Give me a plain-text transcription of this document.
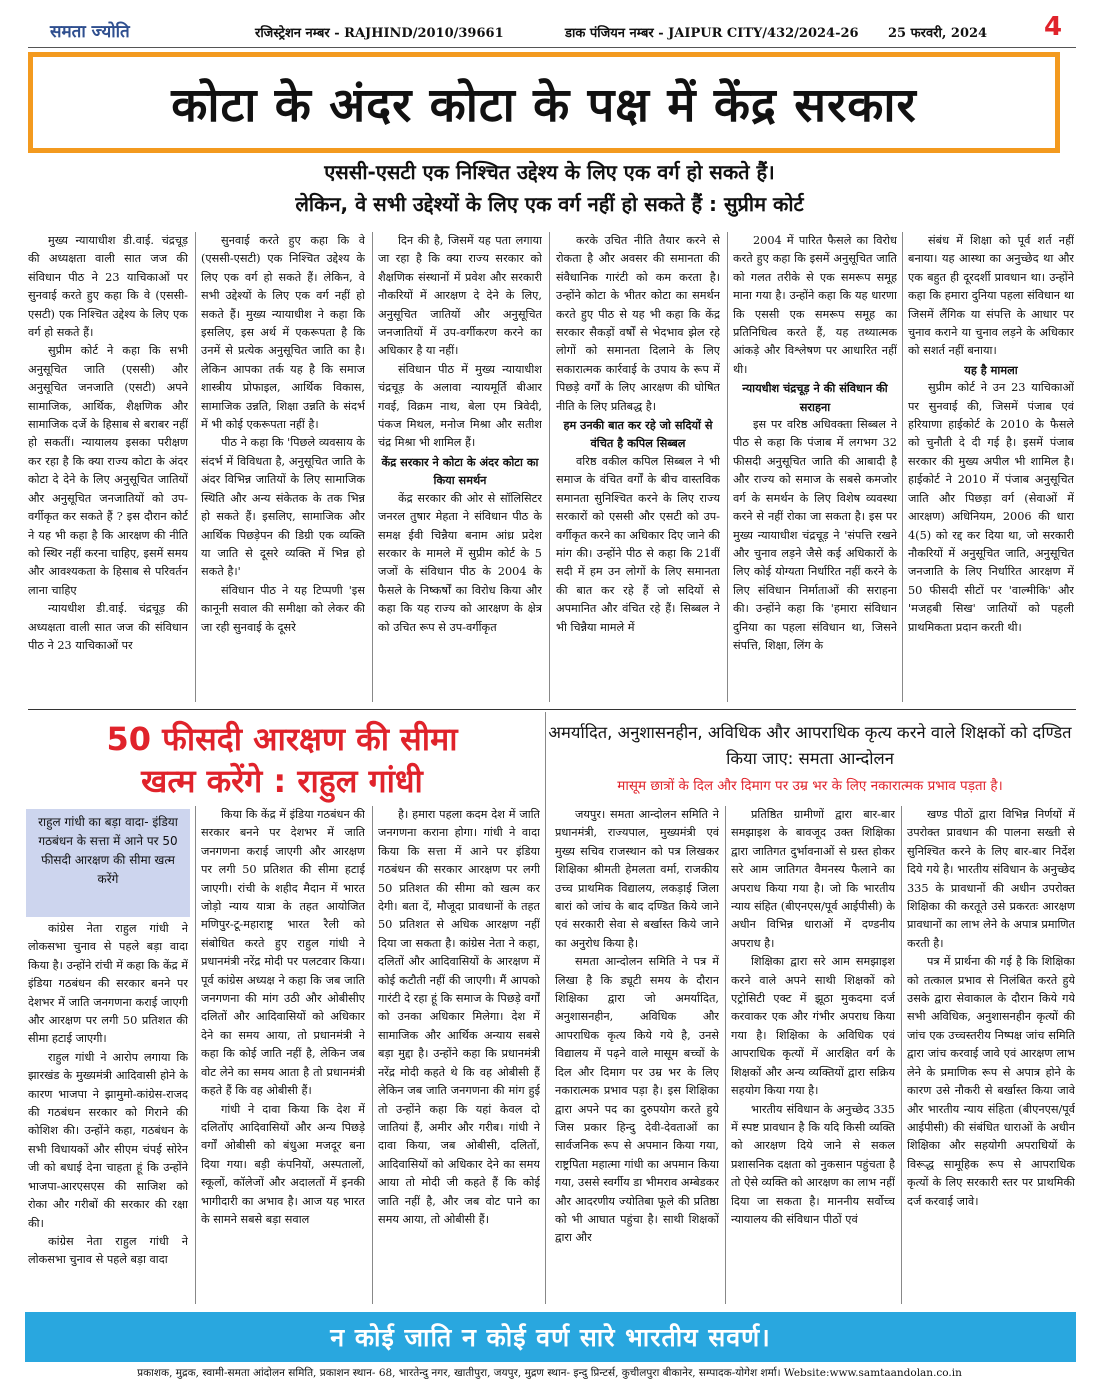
समता ज्योति	रजिस्ट्रेशन नम्बर - RAJHIND/2010/39661	डाक पंजियन नम्बर - JAIPUR CITY/432/2024-26 25 फरवरी, 2024 4
कोटा के अंदर कोटा के पक्ष में केंद्र सरकार
एससी-एसटी एक निश्चित उद्देश्य के लिए एक वर्ग हो सकते हैं।
लेकिन, वे सभी उद्देश्यों के लिए एक वर्ग नहीं हो सकते हैं : सुप्रीम कोर्ट

मुख्य न्यायाधीश डी.वाई. चंद्रचूड़ की अध्यक्षता वाली सात जज की संविधान पीठ ने 23 याचिकाओं पर सुनवाई करते हुए कहा कि वे (एससी-एसटी) एक निश्चित उद्देश्य के लिए एक वर्ग हो सकते हैं।

सुप्रीम कोर्ट ने कहा कि सभी अनुसूचित जाति (एससी) और अनुसूचित जनजाति (एसटी) अपने सामाजिक, आर्थिक, शैक्षणिक और सामाजिक दर्जे के हिसाब से बराबर नहीं हो सकतीं। न्यायालय इसका परीक्षण कर रहा है कि क्या राज्य कोटा के अंदर कोटा दे देने के लिए अनुसूचित जातियों और अनुसूचित जनजातियों को उप-वर्गीकृत कर सकते हैं ? इस दौरान कोर्ट ने यह भी कहा है कि आरक्षण की नीति को स्थिर नहीं करना चाहिए, इसमें समय और आवश्यकता के हिसाब से परिवर्तन लाना चाहिए

न्यायधीश डी.वाई. चंद्रचूड़ की अध्यक्षता वाली सात जज की संविधान पीठ ने 23 याचिकाओं पर

सुनवाई करते हुए कहा कि वे (एससी-एसटी) एक निश्चित उद्देश्य के लिए एक वर्ग हो सकते हैं। लेकिन, वे सभी उद्देश्यों के लिए एक वर्ग नहीं हो सकते हैं। मुख्य न्यायाधीश ने कहा कि इसलिए, इस अर्थ में एकरूपता है कि उनमें से प्रत्येक अनुसूचित जाति का है। लेकिन आपका तर्क यह है कि समाज शास्त्रीय प्रोफाइल, आर्थिक विकास, सामाजिक उन्नति, शिक्षा उन्नति के संदर्भ में भी कोई एकरूपता नहीं है।

पीठ ने कहा कि 'पिछले व्यवसाय के संदर्भ में विविधता है, अनुसूचित जाति के अंदर विभिन्न जातियों के लिए सामाजिक स्थिति और अन्य संकेतक के तक भिन्न हो सकते हैं। इसलिए, सामाजिक और आर्थिक पिछड़ेपन की डिग्री एक व्यक्ति या जाति से दूसरे व्यक्ति में भिन्न हो सकते है।'

संविधान पीठ ने यह टिप्पणी 'इस कानूनी सवाल की समीक्षा को लेकर की जा रही सुनवाई के दूसरे

दिन की है, जिसमें यह पता लगाया जा रहा है कि क्या राज्य सरकार को शैक्षणिक संस्थानों में प्रवेश और सरकारी नौकरियों में आरक्षण दे देने के लिए, अनुसूचित जातियों और अनुसूचित जनजातियों में उप-वर्गीकरण करने का अधिकार है या नहीं।

संविधान पीठ में मुख्य न्यायाधीश चंद्रचूड़ के अलावा न्यायमूर्ति बीआर गवई, विक्रम नाथ, बेला एम त्रिवेदी, पंकज मिथल, मनोज मिश्रा और सतीश चंद्र मिश्रा भी शामिल हैं।

केंद्र सरकार ने कोटा के अंदर कोटा का किया समर्थन

केंद्र सरकार की ओर से सॉलिसिटर जनरल तुषार मेहता ने संविधान पीठ के समक्ष ईवी चिन्नैया बनाम आंध्र प्रदेश सरकार के मामले में सुप्रीम कोर्ट के 5 जजों के संविधान पीठ के 2004 के फैसले के निष्कर्षों का विरोध किया और कहा कि यह राज्य को आरक्षण के क्षेत्र को उचित रूप से उप-वर्गीकृत

करके उचित नीति तैयार करने से रोकता है और अवसर की समानता की संवैधानिक गारंटी को कम करता है। उन्होंने कोटा के भीतर कोटा का समर्थन करते हुए पीठ से यह भी कहा कि केंद्र सरकार सैकड़ों वर्षों से भेदभाव झेल रहे लोगों को समानता दिलाने के लिए सकारात्मक कार्रवाई के उपाय के रूप में पिछड़े वर्गों के लिए आरक्षण की घोषित नीति के लिए प्रतिबद्ध है।

हम उनकी बात कर रहे जो सदियों से वंचित है कपिल सिब्बल

वरिष्ठ वकील कपिल सिब्बल ने भी समाज के वंचित वर्गों के बीच वास्तविक समानता सुनिश्चित करने के लिए राज्य सरकारों को एससी और एसटी को उप-वर्गीकृत करने का अधिकार दिए जाने की मांग की। उन्होंने पीठ से कहा कि 21वीं सदी में हम उन लोगों के लिए समानता की बात कर रहे हैं जो सदियों से अपमानित और वंचित रहे हैं। सिब्बल ने भी चिन्नैया मामले में

2004 में पारित फैसले का विरोध करते हुए कहा कि इसमें अनुसूचित जाति को गलत तरीके से एक समरूप समूह माना गया है। उन्होंने कहा कि यह धारणा कि एससी एक समरूप समूह का प्रतिनिधित्व करते हैं, यह तथ्यात्मक आंकड़े और विश्लेषण पर आधारित नहीं थी।

न्यायधीश चंद्रचूड़ ने की संविधान की सराहना

इस पर वरिष्ठ अधिवक्ता सिब्बल ने पीठ से कहा कि पंजाब में लगभग 32 फीसदी अनुसूचित जाति की आबादी है और राज्य को समाज के सबसे कमजोर वर्ग के समर्थन के लिए विशेष व्यवस्था करने से नहीं रोका जा सकता है। इस पर मुख्य न्यायाधीश चंद्रचूड़ ने 'संपत्ति रखने और चुनाव लड़ने जैसे कई अधिकारों के लिए कोई योग्यता निर्धारित नहीं करने के लिए संविधान निर्माताओं की सराहना की। उन्होंने कहा कि 'हमारा संविधान दुनिया का पहला संविधान था, जिसने संपत्ति, शिक्षा, लिंग के

संबंध में शिक्षा को पूर्व शर्त नहीं बनाया। यह आस्था का अनुच्छेद था और एक बहुत ही दूरदर्शी प्रावधान था। उन्होंने कहा कि हमारा दुनिया पहला संविधान था जिसमें लैंगिक या संपत्ति के आधार पर चुनाव कराने या चुनाव लड़ने के अधिकार को सशर्त नहीं बनाया।

यह है मामला

सुप्रीम कोर्ट ने उन 23 याचिकाओं पर सुनवाई की, जिसमें पंजाब एवं हरियाणा हाईकोर्ट के 2010 के फैसले को चुनौती दे दी गई है। इसमें पंजाब सरकार की मुख्य अपील भी शामिल है। हाईकोर्ट ने 2010 में पंजाब अनुसूचित जाति और पिछड़ा वर्ग (सेवाओं में आरक्षण) अधिनियम, 2006 की धारा 4(5) को रद्द कर दिया था, जो सरकारी नौकरियों में अनुसूचित जाति, अनुसूचित जनजाति के लिए निर्धारित आरक्षण में 50 फीसदी सीटों पर 'वाल्मीकि' और 'मजहबी सिख' जातियों को पहली प्राथमिकता प्रदान करती थी।

50 फीसदी आरक्षण की सीमा
खत्म करेंगे : राहुल गांधी
राहुल गांधी का बड़ा वादा- इंडिया गठबंधन के सत्ता में आने पर 50 फीसदी आरक्षण की सीमा खत्म करेंगे

कांग्रेस नेता राहुल गांधी ने लोकसभा चुनाव से पहले बड़ा वादा किया है। उन्होंने रांची में कहा कि केंद्र में इंडिया गठबंधन की सरकार बनने पर देशभर में जाति जनगणना कराई जाएगी और आरक्षण पर लगी 50 प्रतिशत की सीमा हटाई जाएगी।

राहुल गांधी ने आरोप लगाया कि झारखंड के मुख्यमंत्री आदिवासी होने के कारण भाजपा ने झामुमो-कांग्रेस-राजद की गठबंधन सरकार को गिराने की कोशिश की। उन्होंने कहा, गठबंधन के सभी विधायकों और सीएम चंपई सोरेन जी को बधाई देना चाहता हूं कि उन्होंने भाजपा-आरएसएस की साजिश को रोका और गरीबों की सरकार की रक्षा की।

कांग्रेस नेता राहुल गांधी ने लोकसभा चुनाव से पहले बड़ा वादा

किया कि केंद्र में इंडिया गठबंधन की सरकार बनने पर देशभर में जाति जनगणना कराई जाएगी और आरक्षण पर लगी 50 प्रतिशत की सीमा हटाई जाएगी। रांची के शहीद मैदान में भारत जोड़ो न्याय यात्रा के तहत आयोजित मणिपुर-टू-महाराष्ट्र भारत रैली को संबोधित करते हुए राहुल गांधी ने प्रधानमंत्री नरेंद्र मोदी पर पलटवार किया। पूर्व कांग्रेस अध्यक्ष ने कहा कि जब जाति जनगणना की मांग उठी और ओबीसीए दलितों और आदिवासियों को अधिकार देने का समय आया, तो प्रधानमंत्री ने कहा कि कोई जाति नहीं है, लेकिन जब वोट लेने का समय आता है तो प्रधानमंत्री कहते हैं कि वह ओबीसी हैं।

गांधी ने दावा किया कि देश में दलितोंए आदिवासियों और अन्य पिछड़े वर्गों ओबीसी को बंधुआ मजदूर बना दिया गया। बड़ी कंपनियों, अस्पतालों, स्कूलों, कॉलेजों और अदालतों में इनकी भागीदारी का अभाव है। आज यह भारत के सामने सबसे बड़ा सवाल

है। हमारा पहला कदम देश में जाति जनगणना कराना होगा। गांधी ने वादा किया कि सत्ता में आने पर इंडिया गठबंधन की सरकार आरक्षण पर लगी 50 प्रतिशत की सीमा को खत्म कर देगी। बता दें, मौजूदा प्रावधानों के तहत 50 प्रतिशत से अधिक आरक्षण नहीं दिया जा सकता है। कांग्रेस नेता ने कहा, दलितों और आदिवासियों के आरक्षण में कोई कटौती नहीं की जाएगी। मैं आपको गारंटी दे रहा हूं कि समाज के पिछड़े वर्गों को उनका अधिकार मिलेगा। देश में सामाजिक और आर्थिक अन्याय सबसे बड़ा मुद्दा है। उन्होंने कहा कि प्रधानमंत्री नरेंद्र मोदी कहते थे कि वह ओबीसी हैं लेकिन जब जाति जनगणना की मांग हुई तो उन्होंने कहा कि यहां केवल दो जातियां हैं, अमीर और गरीब। गांधी ने दावा किया, जब ओबीसी, दलितों, आदिवासियों को अधिकार देने का समय आया तो मोदी जी कहते हैं कि कोई जाति नहीं है, और जब वोट पाने का समय आया, तो ओबीसी हैं।

अमर्यादित, अनुशासनहीन, अविधिक और आपराधिक कृत्य करने वाले शिक्षकों को दण्डित किया जाए: समता आन्दोलन
मासूम छात्रों के दिल और दिमाग पर उम्र भर के लिए नकारात्मक प्रभाव पड़ता है।

जयपुर। समता आन्दोलन समिति ने प्रधानमंत्री, राज्यपाल, मुख्यमंत्री एवं मुख्य सचिव राजस्थान को पत्र लिखकर शिक्षिका श्रीमती हेमलता वर्मा, राजकीय उच्च प्राथमिक विद्यालय, लकड़ाई जिला बारां को जांच के बाद दण्डित किये जाने एवं सरकारी सेवा से बर्खास्त किये जाने का अनुरोध किया है।

समता आन्दोलन समिति ने पत्र में लिखा है कि ड्यूटी समय के दौरान शिक्षिका द्वारा जो अमर्यादित, अनुशासनहीन, अविधिक और आपराधिक कृत्य किये गये है, उनसे विद्यालय में पढ़ने वाले मासूम बच्चों के दिल और दिमाग पर उम्र भर के लिए नकारात्मक प्रभाव पड़ा है। इस शिक्षिका द्वारा अपने पद का दुरुपयोग करते हुये जिस प्रकार हिन्दु देवी-देवताओं का सार्वजनिक रूप से अपमान किया गया, राष्ट्रपिता महात्मा गांधी का अपमान किया गया, उससे स्वर्गीय डा भीमराव अम्बेडकर और आदरणीय ज्योतिबा फूले की प्रतिष्ठा को भी आघात पहुंचा है। साथी शिक्षकों द्वारा और

प्रतिष्ठित ग्रामीणों द्वारा बार-बार समझाइश के बावजूद उक्त शिक्षिका द्वारा जातिगत दुर्भावनाओं से ग्रस्त होकर सरे आम जातिगत वैमनस्य फैलाने का अपराध किया गया है। जो कि भारतीय न्याय संहित (बीएनएस/पूर्व आईपीसी) के अधीन विभिन्न धाराओं में दण्डनीय अपराध है।

शिक्षिका द्वारा सरे आम समझाइश करने वाले अपने साथी शिक्षकों को एट्रोसिटी एक्ट में झूठा मुकदमा दर्ज करवाकर एक और गंभीर अपराध किया गया है। शिक्षिका के अविधिक एवं आपराधिक कृत्यों में आरक्षित वर्ग के शिक्षकों और अन्य व्यक्तियों द्वारा सक्रिय सहयोग किया गया है।

भारतीय संविधान के अनुच्छेद 335 में स्पष्ट प्रावधान है कि यदि किसी व्यक्ति को आरक्षण दिये जाने से सकल प्रशासनिक दक्षता को नुकसान पहुंचता है तो ऐसे व्यक्ति को आरक्षण का लाभ नहीं दिया जा सकता है। माननीय सर्वोच्च न्यायालय की संविधान पीठों एवं

खण्ड पीठों द्वारा विभिन्न निर्णयों में उपरोक्त प्रावधान की पालना सख्ती से सुनिश्चित करने के लिए बार-बार निर्देश दिये गये है। भारतीय संविधान के अनुच्छेद 335 के प्रावधानों की अधीन उपरोक्त शिक्षिका की करतूते उसे प्रकरतः आरक्षण प्रावधानों का लाभ लेने के अपात्र प्रमाणित करती है।

पत्र में प्रार्थना की गई है कि शिक्षिका को तत्काल प्रभाव से निलंबित करते हुये उसके द्वारा सेवाकाल के दौरान किये गये सभी अविधिक, अनुशासनहीन कृत्यों की जांच एक उच्चस्तरीय निष्पक्ष जांच समिति द्वारा जांच करवाई जावे एवं आरक्षण लाभ लेने के प्रमाणिक रूप से अपात्र होने के कारण उसे नौकरी से बर्खास्त किया जावे और भारतीय न्याय संहिता (बीएनएस/पूर्व आईपीसी) की संबंधित धाराओं के अधीन शिक्षिका और सहयोगी अपराधियों के विरूद्ध सामूहिक रूप से आपराधिक कृत्यों के लिए सरकारी स्तर पर प्राथमिकी दर्ज करवाई जावे।

न कोई जाति न कोई वर्ण सारे भारतीय सवर्ण।
प्रकाशक, मुद्रक, स्वामी-समता आंदोलन समिति, प्रकाशन स्थान- 68, भारतेन्दु नगर, खातीपुरा, जयपुर, मुद्रण स्थान- इन्दु प्रिन्टर्स, कुचीलपुरा बीकानेर, सम्पादक-योगेश शर्मा। Website:www.samtaandolan.co.in
